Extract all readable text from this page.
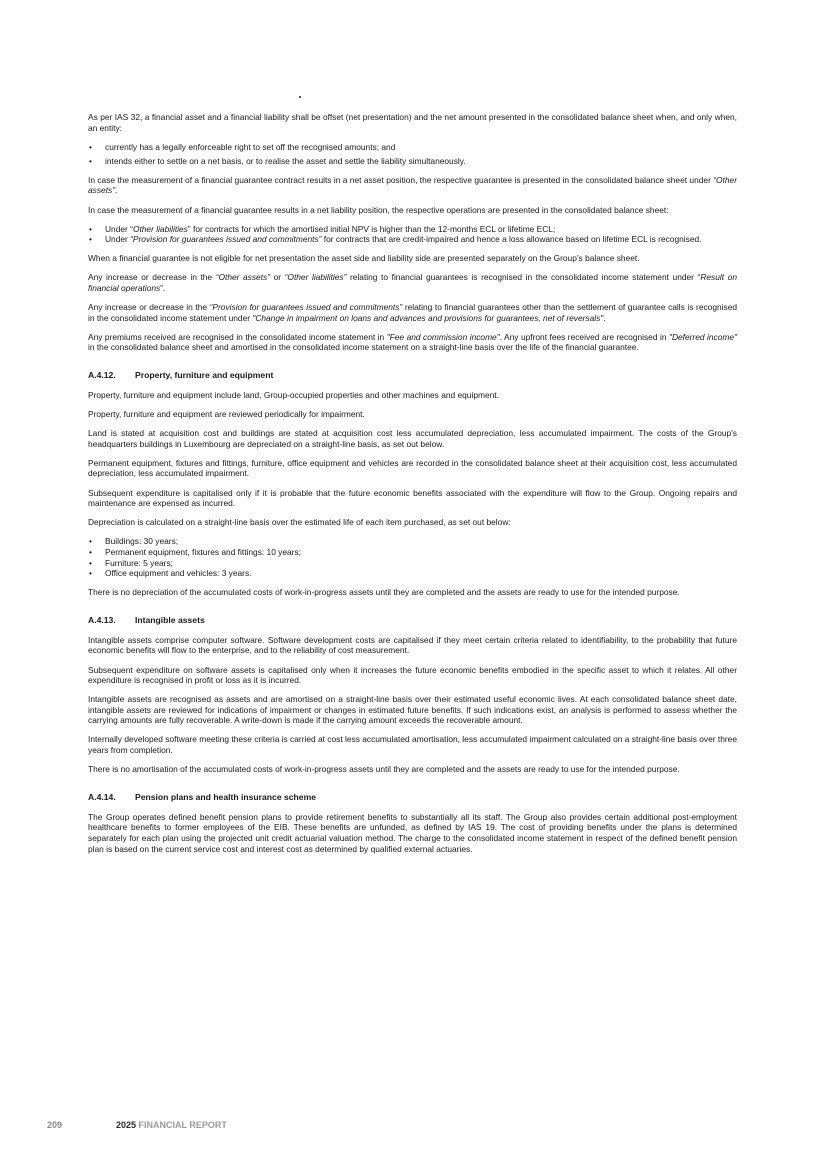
As per IAS 32, a financial asset and a financial liability shall be offset (net presentation) and the net amount presented in the consolidated balance sheet when, and only when, an entity:

• currently has a legally enforceable right to set off the recognised amounts; and
• intends either to settle on a net basis, or to realise the asset and settle the liability simultaneously.

In case the measurement of a financial guarantee contract results in a net asset position, the respective guarantee is presented in the consolidated balance sheet under “Other assets”.

In case the measurement of a financial guarantee results in a net liability position, the respective operations are presented in the consolidated balance sheet:

• Under “Other liabilities” for contracts for which the amortised initial NPV is higher than the 12-months ECL or lifetime ECL;
• Under “Provision for guarantees issued and commitments” for contracts that are credit-impaired and hence a loss allowance based on lifetime ECL is recognised.

When a financial guarantee is not eligible for net presentation the asset side and liability side are presented separately on the Group’s balance sheet.

Any increase or decrease in the “Other assets” or “Other liabilities” relating to financial guarantees is recognised in the consolidated income statement under “Result on financial operations”.

Any increase or decrease in the “Provision for guarantees issued and commitments” relating to financial guarantees other than the settlement of guarantee calls is recognised in the consolidated income statement under "Change in impairment on loans and advances and provisions for guarantees, net of reversals".

Any premiums received are recognised in the consolidated income statement in "Fee and commission income". Any upfront fees received are recognised in "Deferred income" in the consolidated balance sheet and amortised in the consolidated income statement on a straight-line basis over the life of the financial guarantee.

A.4.12. Property, furniture and equipment

Property, furniture and equipment include land, Group-occupied properties and other machines and equipment.

Property, furniture and equipment are reviewed periodically for impairment.

Land is stated at acquisition cost and buildings are stated at acquisition cost less accumulated depreciation, less accumulated impairment. The costs of the Group's headquarters buildings in Luxembourg are depreciated on a straight-line basis, as set out below.

Permanent equipment, fixtures and fittings, furniture, office equipment and vehicles are recorded in the consolidated balance sheet at their acquisition cost, less accumulated depreciation, less accumulated impairment.

Subsequent expenditure is capitalised only if it is probable that the future economic benefits associated with the expenditure will flow to the Group. Ongoing repairs and maintenance are expensed as incurred.

Depreciation is calculated on a straight-line basis over the estimated life of each item purchased, as set out below:

• Buildings: 30 years;
• Permanent equipment, fixtures and fittings: 10 years;
• Furniture: 5 years;
• Office equipment and vehicles: 3 years.

There is no depreciation of the accumulated costs of work-in-progress assets until they are completed and the assets are ready to use for the intended purpose.

A.4.13. Intangible assets

Intangible assets comprise computer software. Software development costs are capitalised if they meet certain criteria related to identifiability, to the probability that future economic benefits will flow to the enterprise, and to the reliability of cost measurement.

Subsequent expenditure on software assets is capitalised only when it increases the future economic benefits embodied in the specific asset to which it relates. All other expenditure is recognised in profit or loss as it is incurred.

Intangible assets are recognised as assets and are amortised on a straight-line basis over their estimated useful economic lives. At each consolidated balance sheet date, intangible assets are reviewed for indications of impairment or changes in estimated future benefits. If such indications exist, an analysis is performed to assess whether the carrying amounts are fully recoverable. A write-down is made if the carrying amount exceeds the recoverable amount.

Internally developed software meeting these criteria is carried at cost less accumulated amortisation, less accumulated impairment calculated on a straight-line basis over three years from completion.

There is no amortisation of the accumulated costs of work-in-progress assets until they are completed and the assets are ready to use for the intended purpose.

A.4.14. Pension plans and health insurance scheme

The Group operates defined benefit pension plans to provide retirement benefits to substantially all its staff. The Group also provides certain additional post-employment healthcare benefits to former employees of the EIB. These benefits are unfunded, as defined by IAS 19. The cost of providing benefits under the plans is determined separately for each plan using the projected unit credit actuarial valuation method. The charge to the consolidated income statement in respect of the defined benefit pension plan is based on the current service cost and interest cost as determined by qualified external actuaries.

209	2025 FINANCIAL REPORT
